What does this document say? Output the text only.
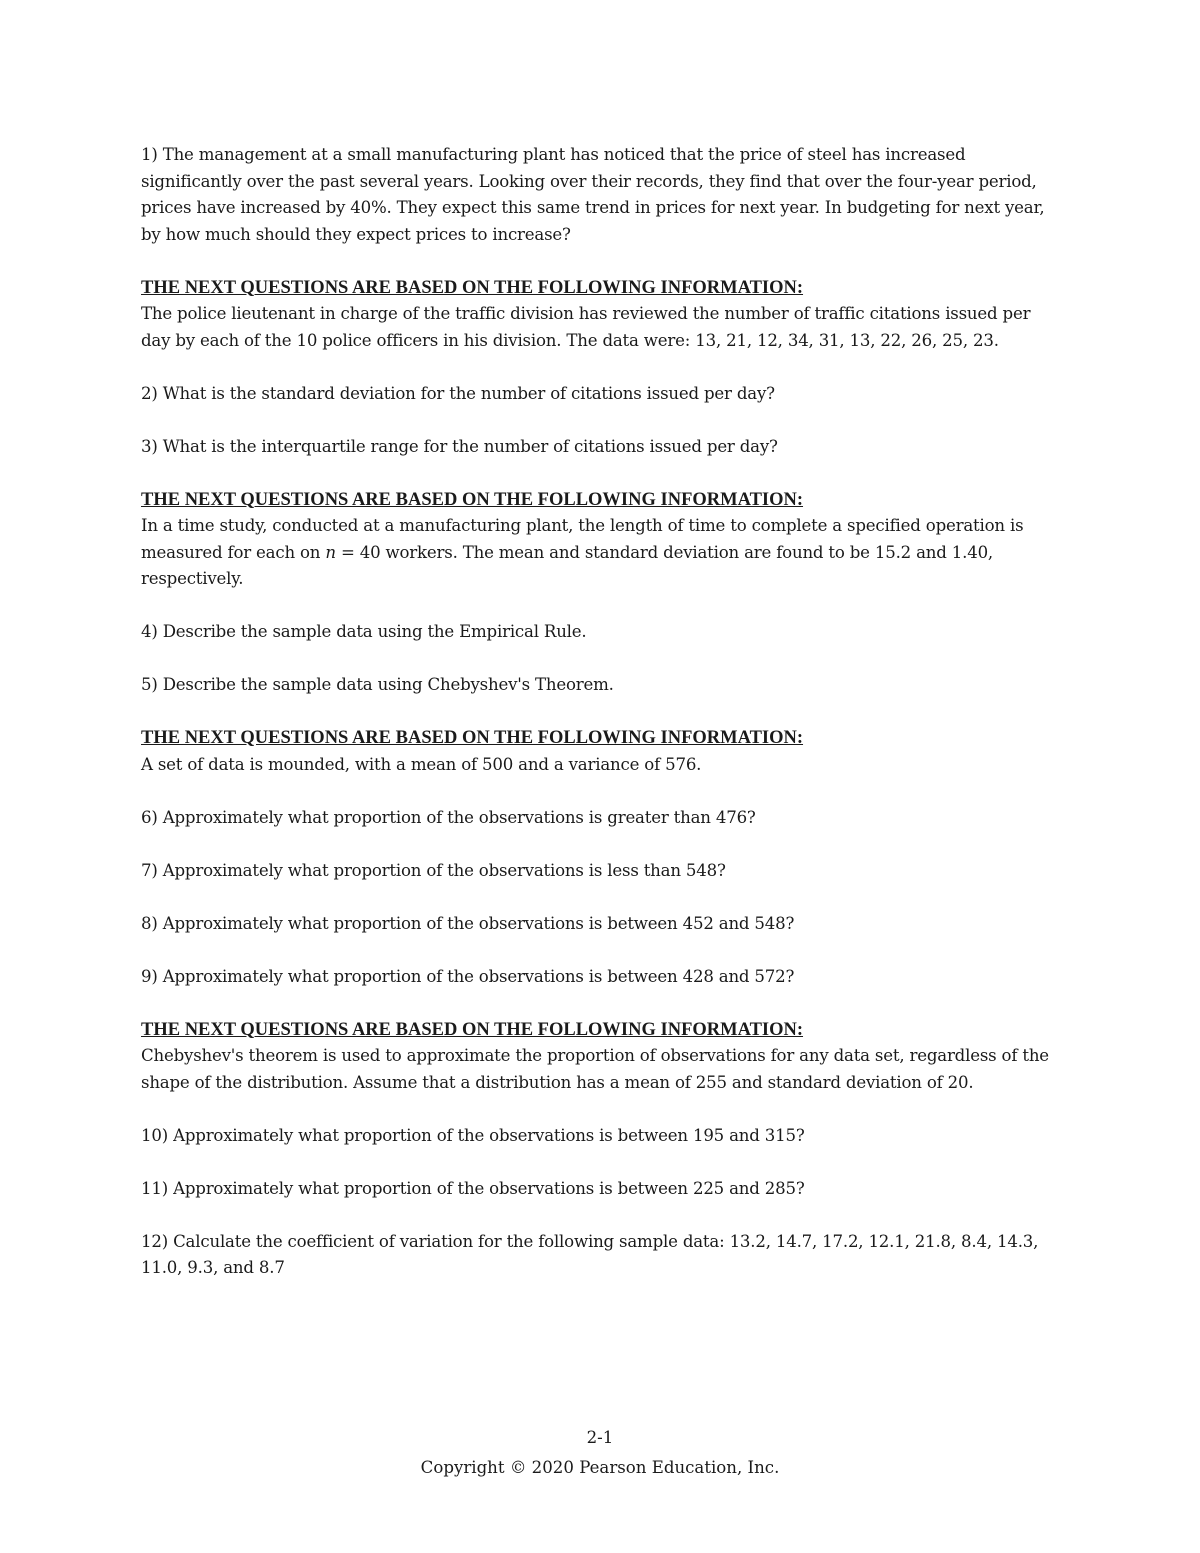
1) The management at a small manufacturing plant has noticed that the price of steel has increased significantly over the past several years. Looking over their records, they find that over the four-year period, prices have increased by 40%. They expect this same trend in prices for next year. In budgeting for next year, by how much should they expect prices to increase?

THE NEXT QUESTIONS ARE BASED ON THE FOLLOWING INFORMATION:

The police lieutenant in charge of the traffic division has reviewed the number of traffic citations issued per day by each of the 10 police officers in his division. The data were: 13, 21, 12, 34, 31, 13, 22, 26, 25, 23.

2) What is the standard deviation for the number of citations issued per day?

3) What is the interquartile range for the number of citations issued per day?

THE NEXT QUESTIONS ARE BASED ON THE FOLLOWING INFORMATION:

In a time study, conducted at a manufacturing plant, the length of time to complete a specified operation is measured for each on n = 40 workers. The mean and standard deviation are found to be 15.2 and 1.40, respectively.

4) Describe the sample data using the Empirical Rule.

5) Describe the sample data using Chebyshev's Theorem.

THE NEXT QUESTIONS ARE BASED ON THE FOLLOWING INFORMATION:

A set of data is mounded, with a mean of 500 and a variance of 576.

6) Approximately what proportion of the observations is greater than 476?

7) Approximately what proportion of the observations is less than 548?

8) Approximately what proportion of the observations is between 452 and 548?

9) Approximately what proportion of the observations is between 428 and 572?

THE NEXT QUESTIONS ARE BASED ON THE FOLLOWING INFORMATION:

Chebyshev's theorem is used to approximate the proportion of observations for any data set, regardless of the shape of the distribution. Assume that a distribution has a mean of 255 and standard deviation of 20.

10) Approximately what proportion of the observations is between 195 and 315?

11) Approximately what proportion of the observations is between 225 and 285?

12) Calculate the coefficient of variation for the following sample data: 13.2, 14.7, 17.2, 12.1, 21.8, 8.4, 14.3, 11.0, 9.3, and 8.7

2-1
Copyright © 2020 Pearson Education, Inc.
